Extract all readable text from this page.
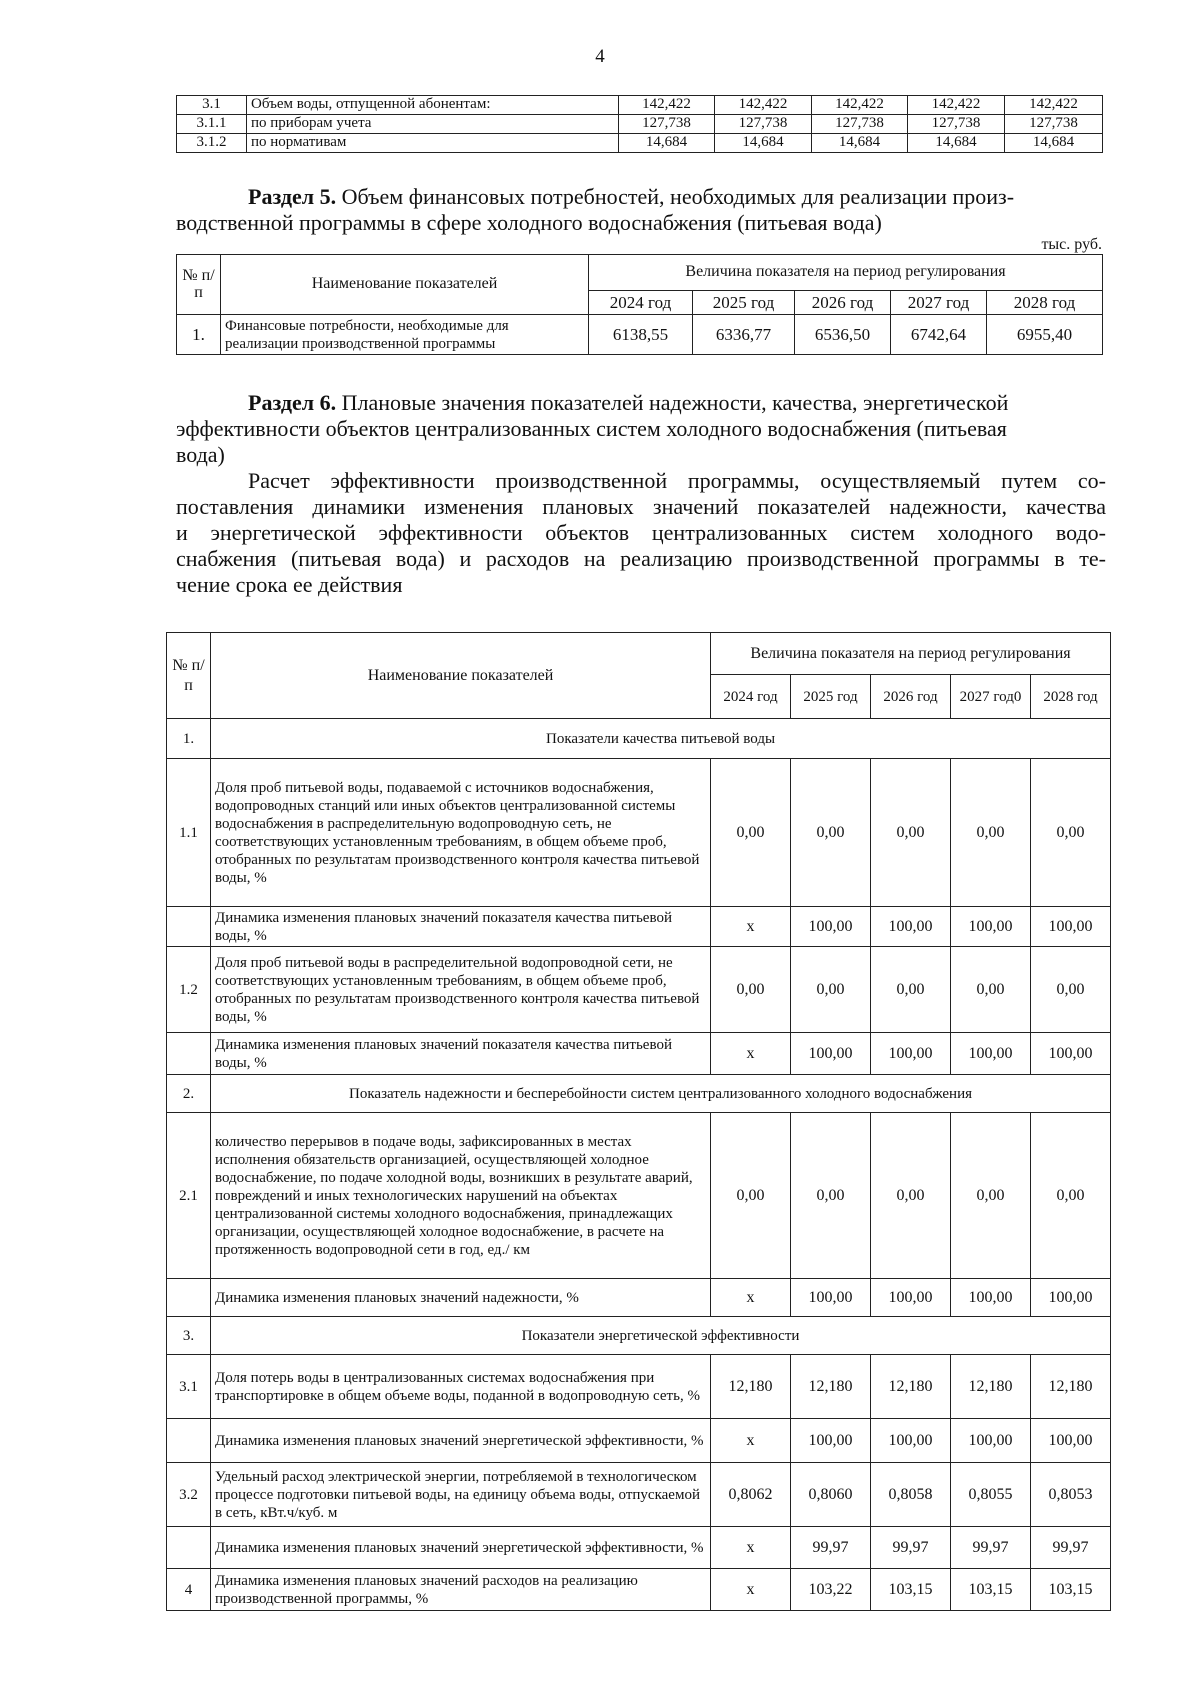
4
3.1	Объем воды, отпущенной абонентам:	142,422	142,422	142,422	142,422	142,422
3.1.1	по приборам учета	127,738	127,738	127,738	127,738	127,738
3.1.2	по нормативам	14,684	14,684	14,684	14,684	14,684
Раздел 5. Объем финансовых потребностей, необходимых для реализации произ-
водственной программы в сфере холодного водоснабжения (питьевая вода)
тыс. руб.
№ п/п	Наименование показателей	Величина показателя на период регулирования				
		2024 год	2025 год	2026 год	2027 год	2028 год
1.	Финансовые потребности, необходимые для реализации производственной программы	6138,55	6336,77	6536,50	6742,64	6955,40
Раздел 6. Плановые значения показателей надежности, качества, энергетической
эффективности объектов централизованных систем холодного водоснабжения (питьевая
вода)
Расчет эффективности производственной программы, осуществляемый путем со-
поставления динамики изменения плановых значений показателей надежности, качества
и энергетической эффективности объектов централизованных систем холодного водо-
снабжения (питьевая вода) и расходов на реализацию производственной программы в те-
чение срока ее действия
№ п/ п	Наименование показателей	Величина показателя на период регулирования				
		2024 год	2025 год	2026 год	2027 год0	2028 год
1.	Показатели качества питьевой воды					
1.1	Доля проб питьевой воды, подаваемой с источников водоснабжения, водопроводных станций или иных объектов централизованной системы водоснабжения в распределительную водопроводную сеть, не соответствующих установленным требованиям, в общем объеме проб, отобранных по результатам производственного контроля качества питьевой воды, %	0,00	0,00	0,00	0,00	0,00
	Динамика изменения плановых значений показателя качества питьевой воды, %	x	100,00	100,00	100,00	100,00
1.2	Доля проб питьевой воды в распределительной водопроводной сети, не соответствующих установленным требованиям, в общем объеме проб, отобранных по результатам производственного контроля качества питьевой воды, %	0,00	0,00	0,00	0,00	0,00
	Динамика изменения плановых значений показателя качества питьевой воды, %	x	100,00	100,00	100,00	100,00
2.	Показатель надежности и бесперебойности систем централизованного холодного водоснабжения					
2.1	количество перерывов в подаче воды, зафиксированных в местах исполнения обязательств организацией, осуществляющей холодное водоснабжение, по подаче холодной воды, возникших в результате аварий, повреждений и иных технологических нарушений на объектах централизованной системы холодного водоснабжения, принадлежащих организации, осуществляющей холодное водоснабжение, в расчете на протяженность водопроводной сети в год, ед./ км	0,00	0,00	0,00	0,00	0,00
	Динамика изменения плановых значений надежности, %	x	100,00	100,00	100,00	100,00
3.	Показатели энергетической эффективности					
3.1	Доля потерь воды в централизованных системах водоснабжения при транспортировке в общем объеме воды, поданной в водопроводную сеть, %	12,180	12,180	12,180	12,180	12,180
	Динамика изменения плановых значений энергетической эффективности, %	x	100,00	100,00	100,00	100,00
3.2	Удельный расход электрической энергии, потребляемой в технологическом процессе подготовки питьевой воды, на единицу объема воды, отпускаемой в сеть, кВт.ч/куб. м	0,8062	0,8060	0,8058	0,8055	0,8053
	Динамика изменения плановых значений энергетической эффективности, %	x	99,97	99,97	99,97	99,97
4	Динамика изменения плановых значений расходов на реализацию производственной программы, %	x	103,22	103,15	103,15	103,15
